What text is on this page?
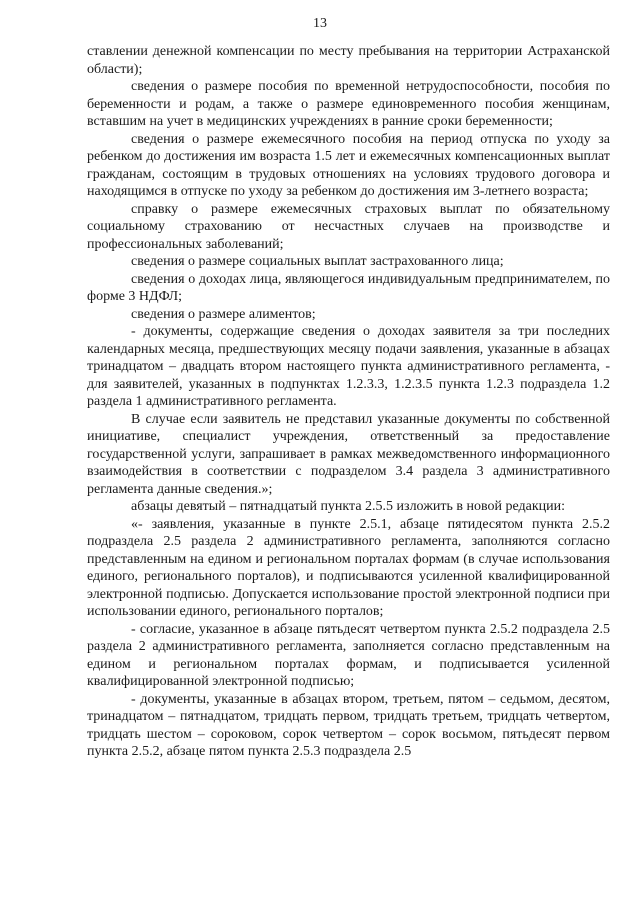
13

ставлении денежной компенсации по месту пребывания на территории Астраханской области);

сведения о размере пособия по временной нетрудоспособности, пособия по беременности и родам, а также о размере единовременного пособия женщинам, вставшим на учет в медицинских учреждениях в ранние сроки беременности;

сведения о размере ежемесячного пособия на период отпуска по уходу за ребенком до достижения им возраста 1.5 лет и ежемесячных компенсационных выплат гражданам, состоящим в трудовых отношениях на условиях трудового договора и находящимся в отпуске по уходу за ребенком до достижения им 3-летнего возраста;

справку о размере ежемесячных страховых выплат по обязательному социальному страхованию от несчастных случаев на производстве и профессиональных заболеваний;

сведения о размере социальных выплат застрахованного лица;

сведения о доходах лица, являющегося индивидуальным предпринимателем, по форме 3 НДФЛ;

сведения о размере алиментов;

- документы, содержащие сведения о доходах заявителя за три последних календарных месяца, предшествующих месяцу подачи заявления, указанные в абзацах тринадцатом – двадцать втором настоящего пункта административного регламента, - для заявителей, указанных в подпунктах 1.2.3.3, 1.2.3.5 пункта 1.2.3 подраздела 1.2 раздела 1 административного регламента.

В случае если заявитель не представил указанные документы по собственной инициативе, специалист учреждения, ответственный за предоставление государственной услуги, запрашивает в рамках межведомственного информационного взаимодействия в соответствии с подразделом 3.4 раздела 3 административного регламента данные сведения.»;

абзацы девятый – пятнадцатый пункта 2.5.5 изложить в новой редакции:

«- заявления, указанные в пункте 2.5.1, абзаце пятидесятом пункта 2.5.2 подраздела 2.5 раздела 2 административного регламента, заполняются согласно представленным на едином и региональном порталах формам (в случае использования единого, регионального порталов), и подписываются усиленной квалифицированной электронной подписью. Допускается использование простой электронной подписи при использовании единого, регионального порталов;

- согласие, указанное в абзаце пятьдесят четвертом пункта 2.5.2 подраздела 2.5 раздела 2 административного регламента, заполняется согласно представленным на едином и региональном порталах формам, и подписывается усиленной квалифицированной электронной подписью;

- документы, указанные в абзацах втором, третьем, пятом – седьмом, десятом, тринадцатом – пятнадцатом, тридцать первом, тридцать третьем, тридцать четвертом, тридцать шестом – сороковом, сорок четвертом – сорок восьмом, пятьдесят первом пункта 2.5.2, абзаце пятом пункта 2.5.3 подраздела 2.5
